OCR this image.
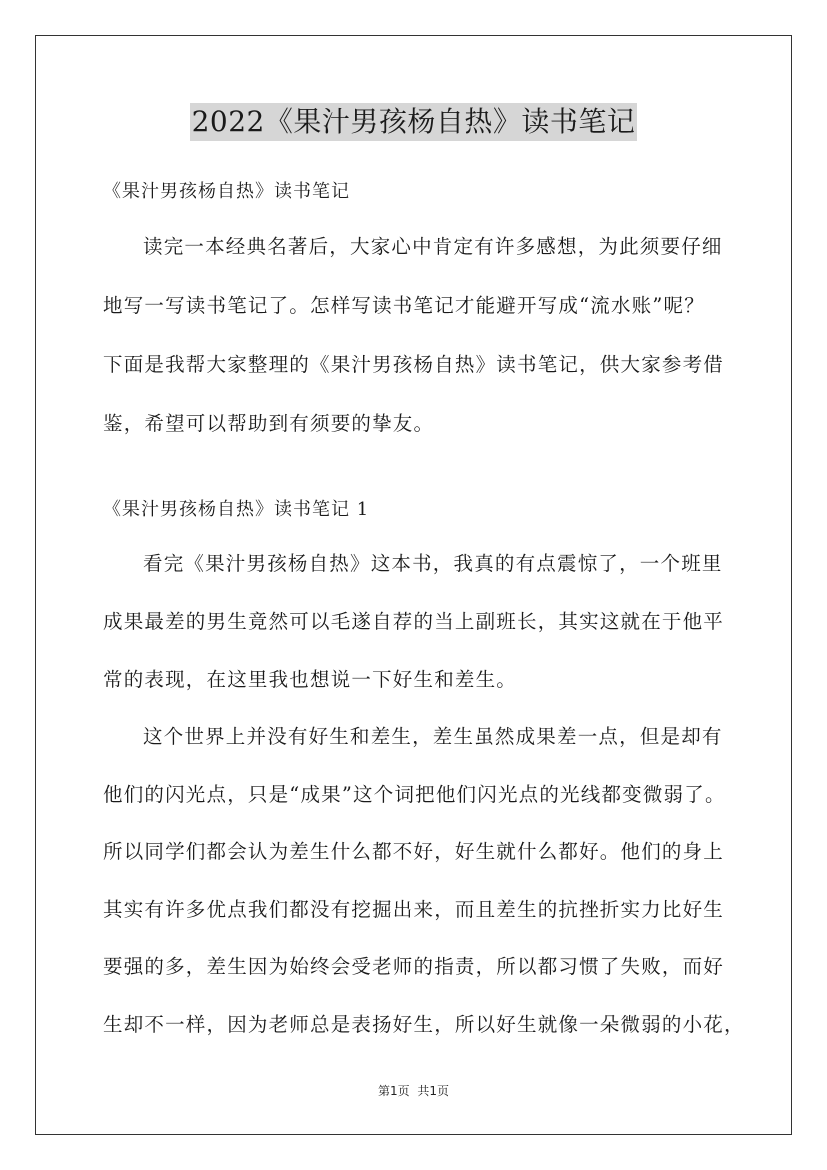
2022《果汁男孩杨自热》读书笔记
《果汁男孩杨自热》读书笔记
读完一本经典名著后，大家心中肯定有许多感想，为此须要仔细
地写一写读书笔记了。怎样写读书笔记才能避开写成“流水账”呢？
下面是我帮大家整理的《果汁男孩杨自热》读书笔记，供大家参考借
鉴，希望可以帮助到有须要的挚友。
《果汁男孩杨自热》读书笔记 1
看完《果汁男孩杨自热》这本书，我真的有点震惊了，一个班里
成果最差的男生竟然可以毛遂自荐的当上副班长，其实这就在于他平
常的表现，在这里我也想说一下好生和差生。
这个世界上并没有好生和差生，差生虽然成果差一点，但是却有
他们的闪光点，只是“成果”这个词把他们闪光点的光线都变微弱了。
所以同学们都会认为差生什么都不好，好生就什么都好。他们的身上
其实有许多优点我们都没有挖掘出来，而且差生的抗挫折实力比好生
要强的多，差生因为始终会受老师的指责，所以都习惯了失败，而好
生却不一样，因为老师总是表扬好生，所以好生就像一朵微弱的小花，
第1页 共1页
